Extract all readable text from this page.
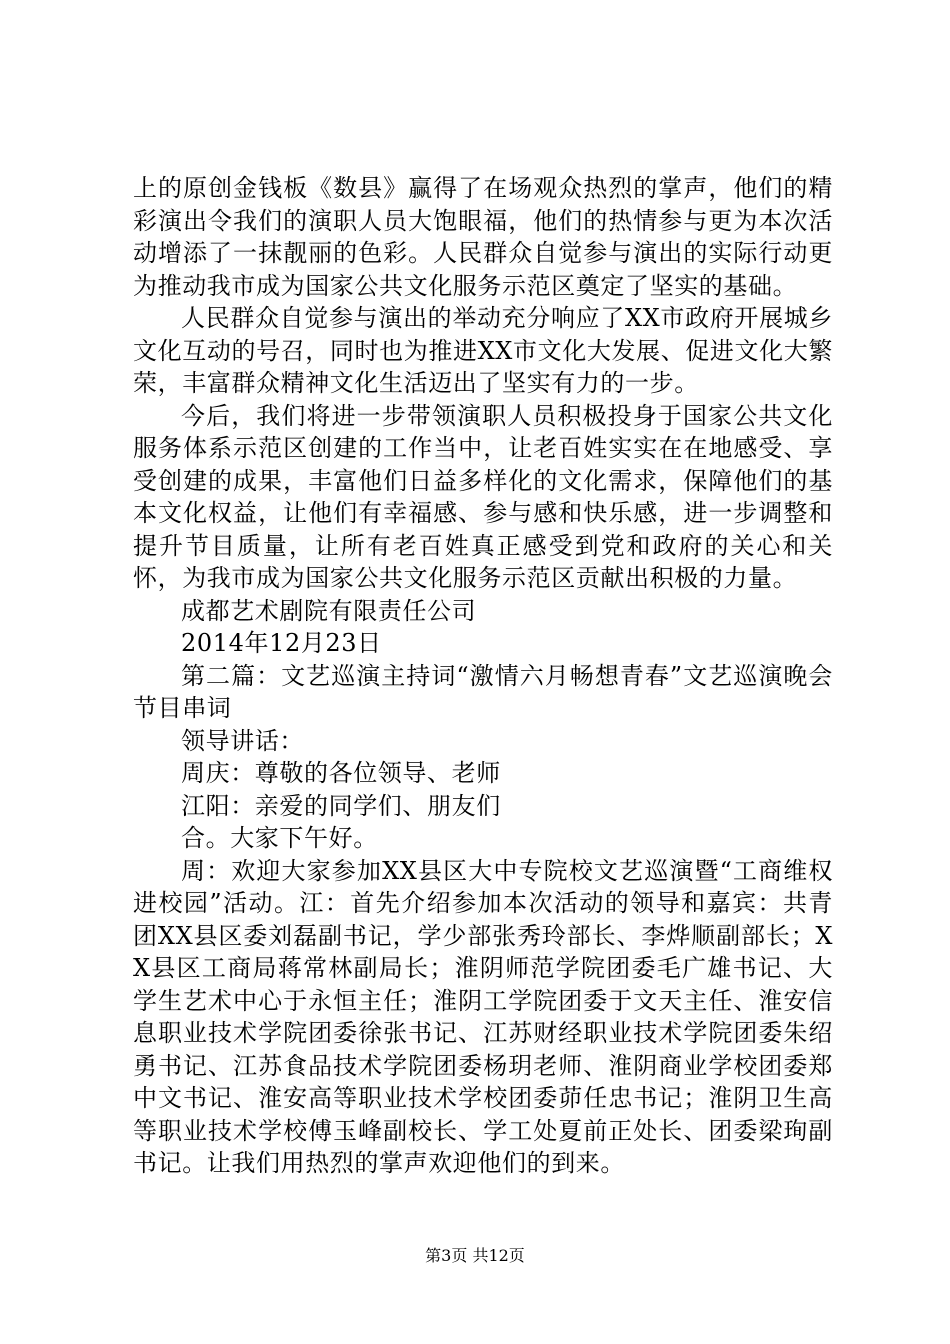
上的原创金钱板《数县》赢得了在场观众热烈的掌声，他们的精彩演出令我们的演职人员大饱眼福，他们的热情参与更为本次活动增添了一抹靓丽的色彩。人民群众自觉参与演出的实际行动更为推动我市成为国家公共文化服务示范区奠定了坚实的基础。

人民群众自觉参与演出的举动充分响应了XX市政府开展城乡文化互动的号召，同时也为推进XX市文化大发展、促进文化大繁荣，丰富群众精神文化生活迈出了坚实有力的一步。

今后，我们将进一步带领演职人员积极投身于国家公共文化服务体系示范区创建的工作当中，让老百姓实实在在地感受、享受创建的成果，丰富他们日益多样化的文化需求，保障他们的基本文化权益，让他们有幸福感、参与感和快乐感，进一步调整和提升节目质量，让所有老百姓真正感受到党和政府的关心和关怀，为我市成为国家公共文化服务示范区贡献出积极的力量。

成都艺术剧院有限责任公司

2014年12月23日

第二篇：文艺巡演主持词“激情六月畅想青春”文艺巡演晚会节目串词

领导讲话：

周庆：尊敬的各位领导、老师

江阳：亲爱的同学们、朋友们

合。大家下午好。

周：欢迎大家参加XX县区大中专院校文艺巡演暨“工商维权进校园”活动。江：首先介绍参加本次活动的领导和嘉宾：共青团XX县区委刘磊副书记，学少部张秀玲部长、李烨顺副部长；XX县区工商局蒋常林副局长；淮阴师范学院团委毛广雄书记、大学生艺术中心于永恒主任；淮阴工学院团委于文天主任、淮安信息职业技术学院团委徐张书记、江苏财经职业技术学院团委朱绍勇书记、江苏食品技术学院团委杨玥老师、淮阴商业学校团委郑中文书记、淮安高等职业技术学校团委茆任忠书记；淮阴卫生高等职业技术学校傅玉峰副校长、学工处夏前正处长、团委梁珣副书记。让我们用热烈的掌声欢迎他们的到来。

第3页 共12页
